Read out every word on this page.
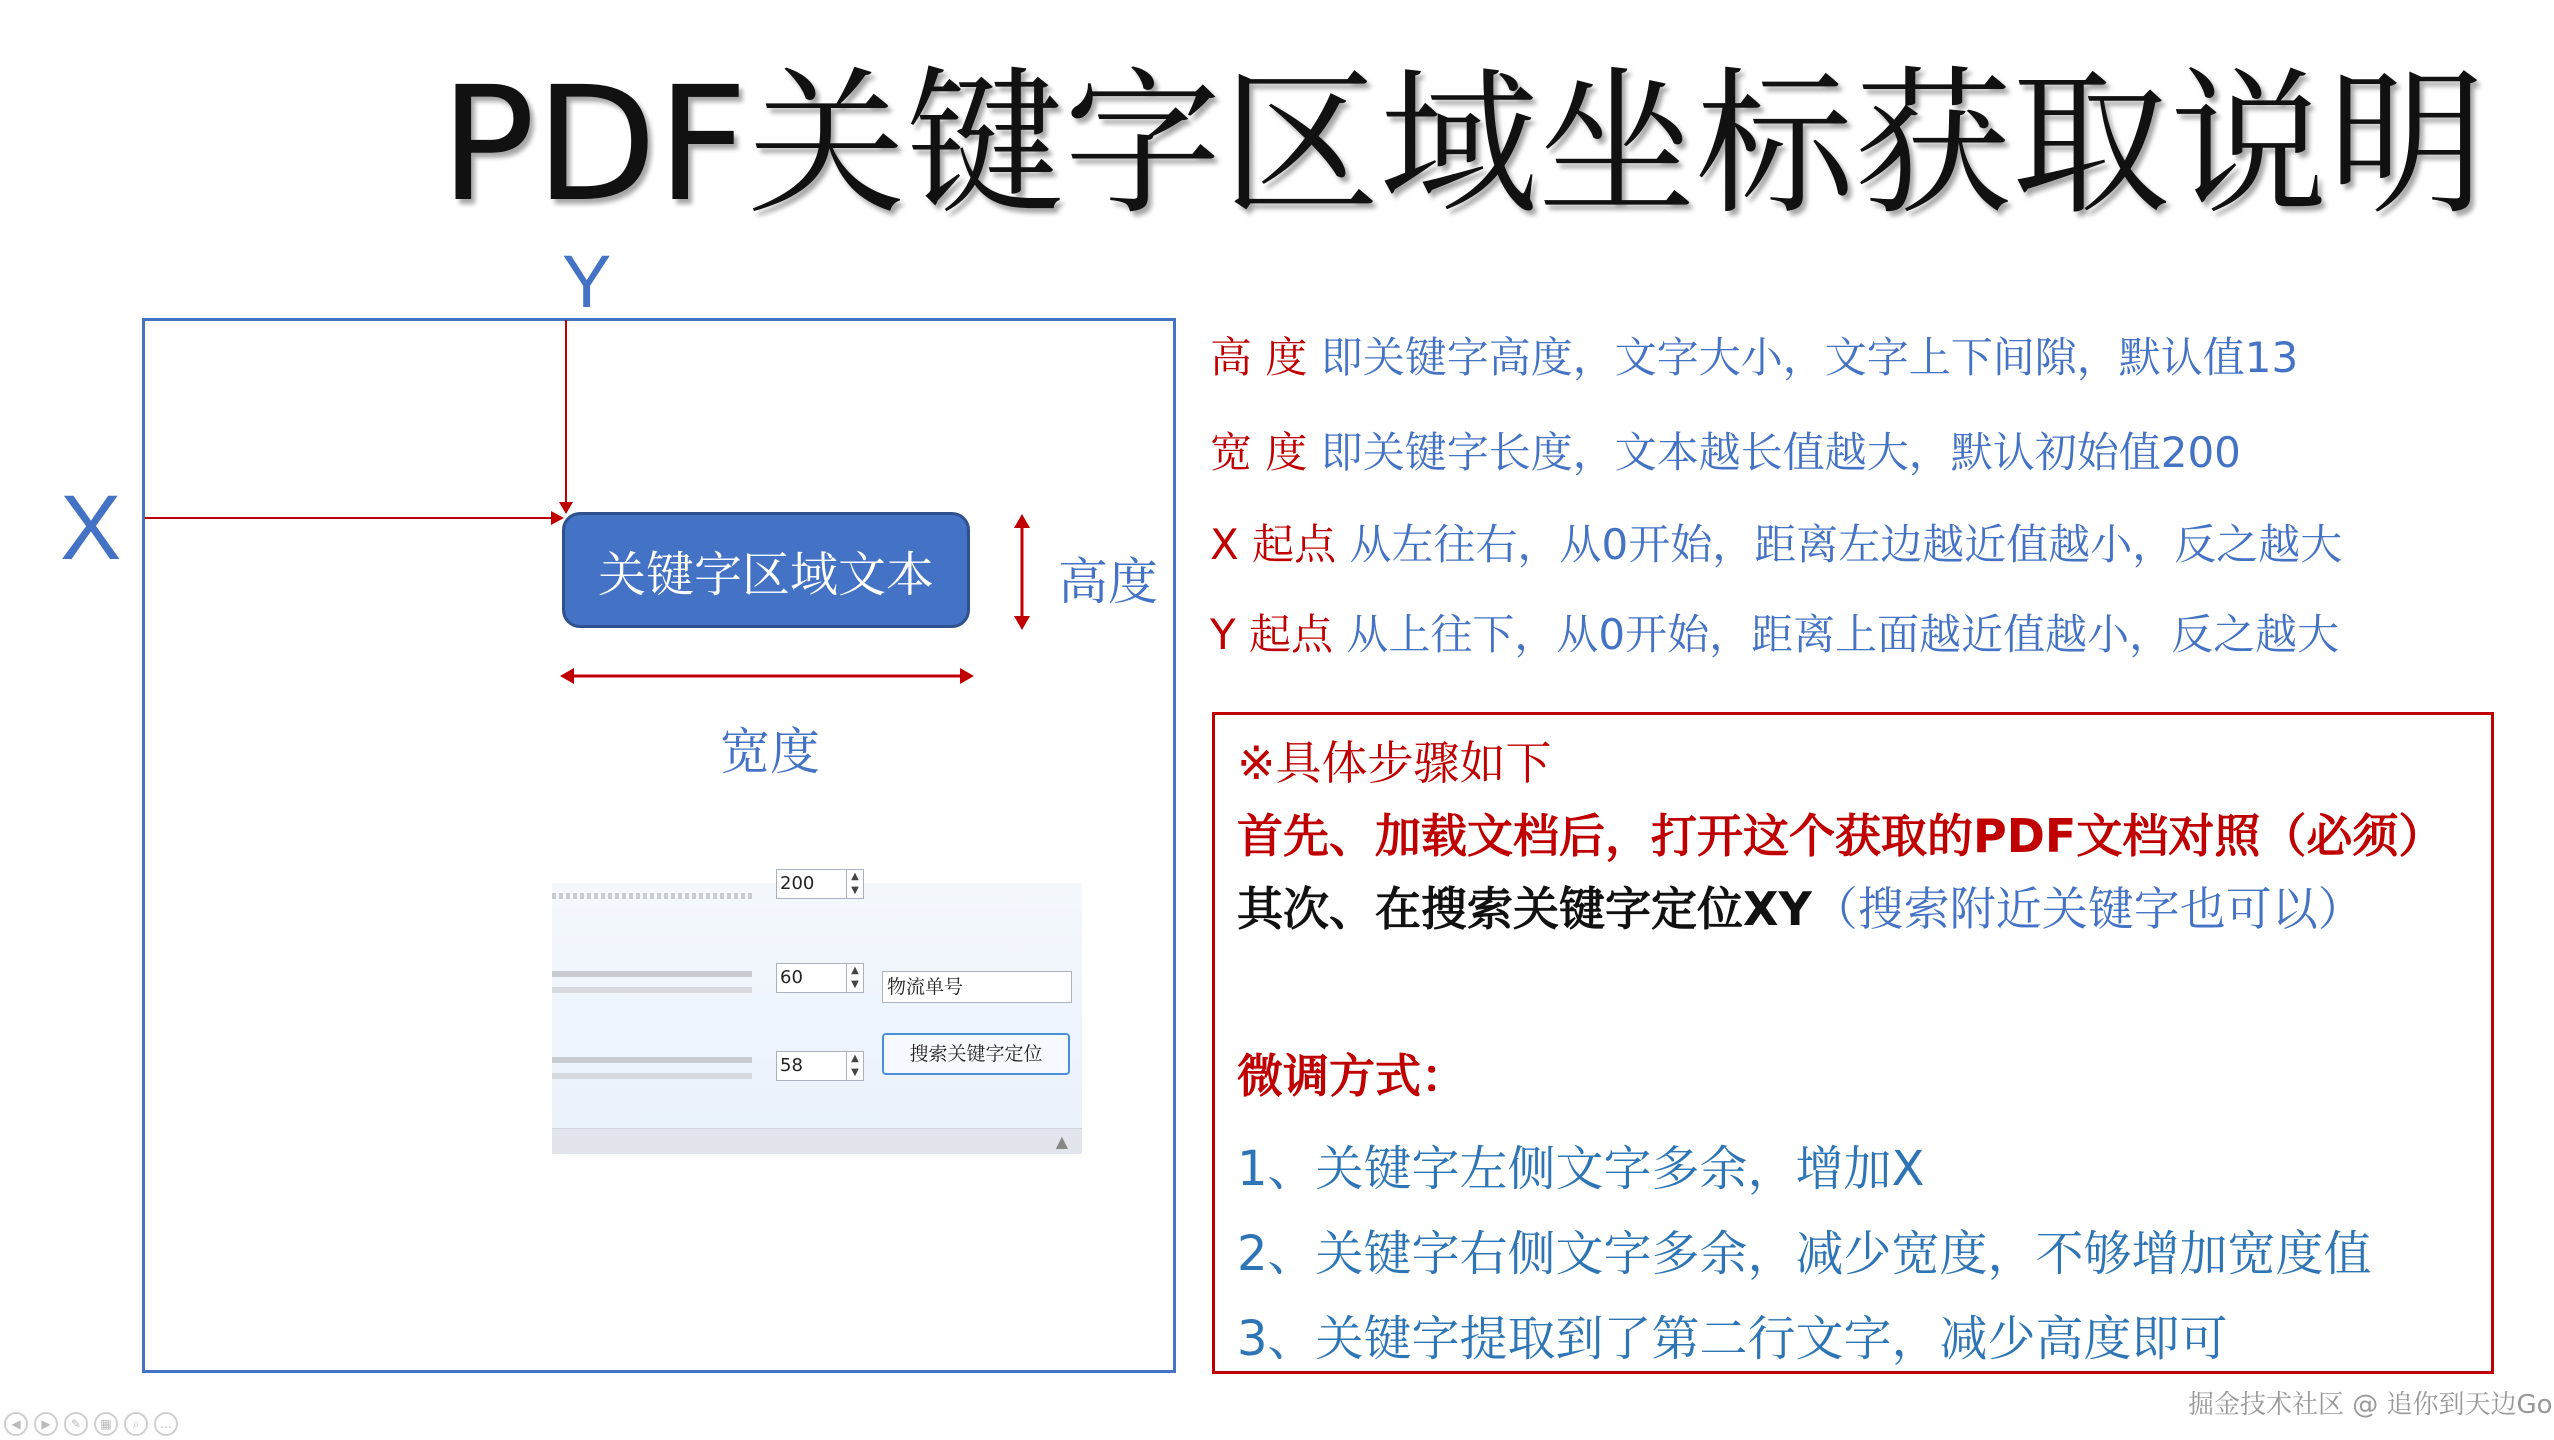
PDF关键字区域坐标获取说明
Y
X	关键字区域文本	高度
宽度
高 度 即关键字高度，文字大小，文字上下间隙，默认值13
宽 度 即关键字长度，文本越长值越大，默认初始值200
X 起点 从左往右，从0开始，距离左边越近值越小，反之越大
Y 起点 从上往下，从0开始，距离上面越近值越小，反之越大
※具体步骤如下
首先、加载文档后，打开这个获取的PDF文档对照（必须）
其次、在搜索关键字定位XY（搜索附近关键字也可以）
微调方式：
1、关键字左侧文字多余，增加X
2、关键字右侧文字多余，减少宽度，不够增加宽度值
3、关键字提取到了第二行文字，减少高度即可
200	▲
▼
60	▲
▼ 物流单号
58	▲
▼
搜索关键字定位
▲
掘金技术社区 @ 追你到天边Go
◀	▶	✎	▦	⌕	…
